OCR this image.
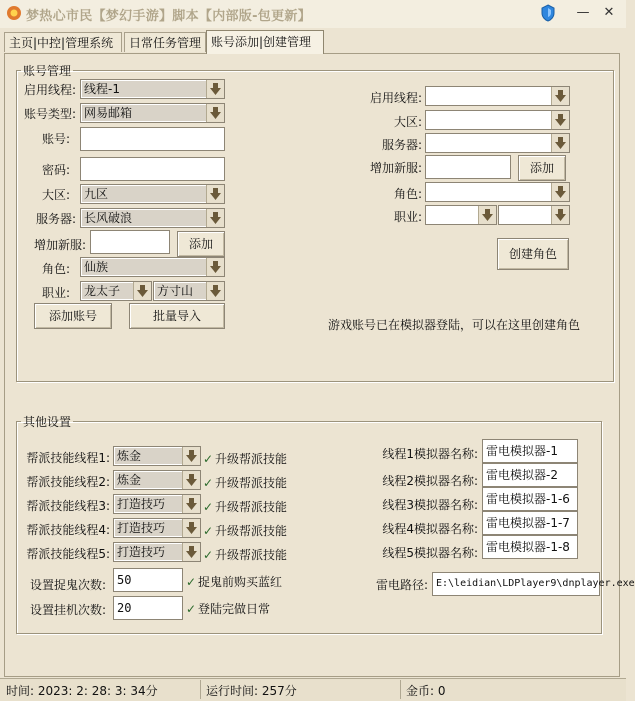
梦热心市民【梦幻手游】脚本【内部版-包更新】	—	✕
主页|中控|管理系统	日常任务管理 账号添加|创建管理
账号管理
启用线程: 线程-1
账号类型: 网易邮箱
账号:
密码:
大区: 九区
服务器: 长风破浪
增加新服:	添加
角色: 仙族
职业: 龙太子	方寸山
添加账号	批量导入
启用线程:
大区:
服务器:
增加新服:	添加
角色:
职业:
创建角色
游戏账号已在模拟器登陆，可以在这里创建角色
其他设置
帮派技能线程1: 炼金	✓ 升级帮派技能
帮派技能线程2: 炼金	✓ 升级帮派技能
帮派技能线程3: 打造技巧	✓ 升级帮派技能
帮派技能线程4: 打造技巧	✓ 升级帮派技能
帮派技能线程5: 打造技巧	✓ 升级帮派技能
设置捉鬼次数: 50	✓ 捉鬼前购买蓝红
设置挂机次数: 20	✓ 登陆完做日常
线程1模拟器名称: 雷电模拟器-1
线程2模拟器名称: 雷电模拟器-2
线程3模拟器名称: 雷电模拟器-1-6
线程4模拟器名称: 雷电模拟器-1-7
线程5模拟器名称: 雷电模拟器-1-8
雷电路径: E:\leidian\LDPlayer9\dnplayer.exe
时间: 2023: 2: 28: 3: 34分	运行时间: 257分	金币: 0
